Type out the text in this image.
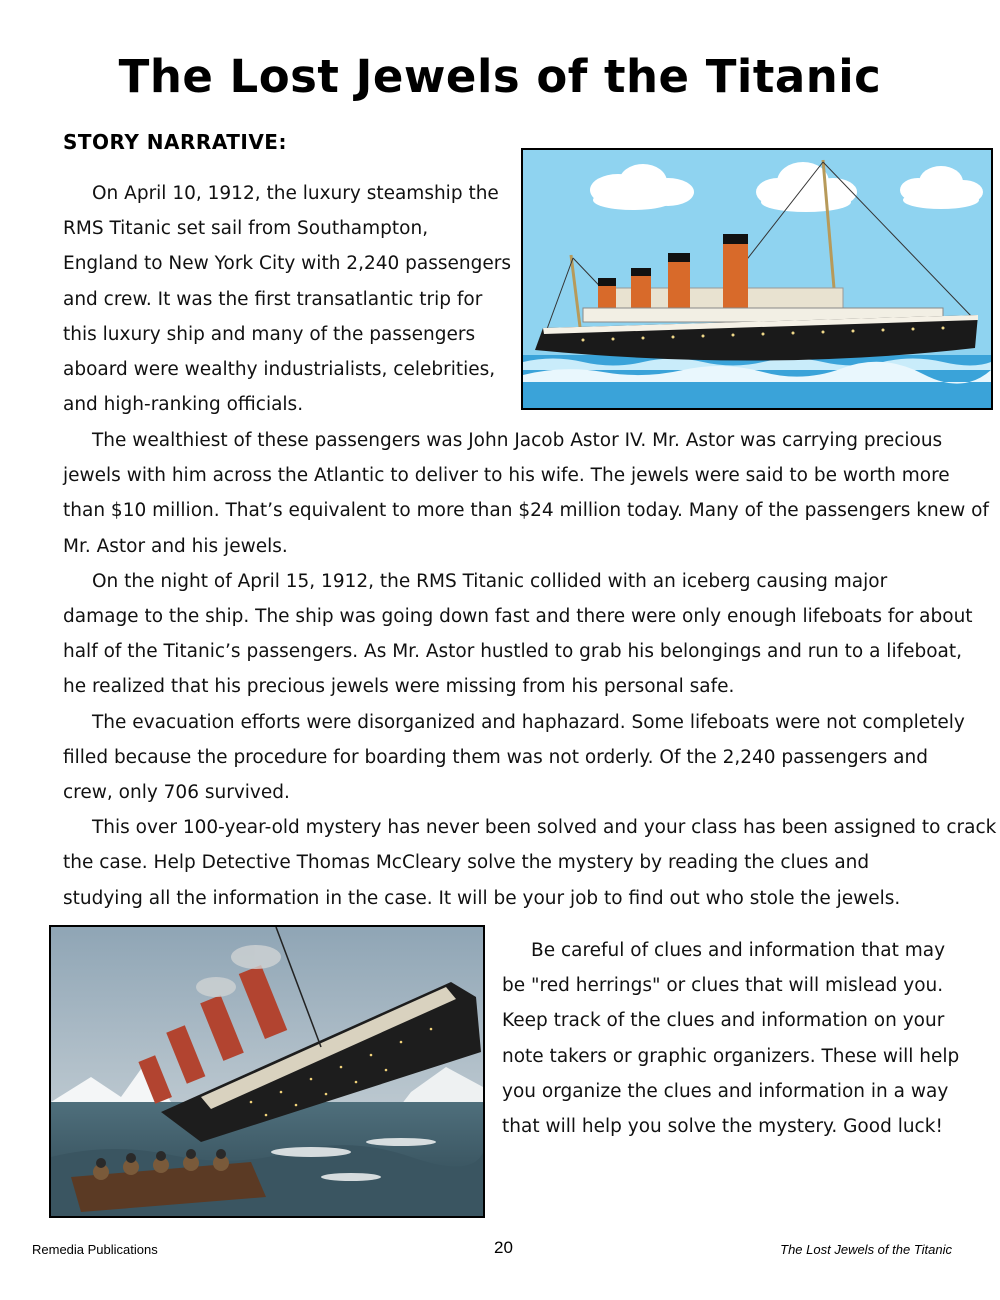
The Lost Jewels of the Titanic
STORY NARRATIVE:
On April 10, 1912, the luxury steamship the
RMS Titanic set sail from Southampton,
England to New York City with 2,240 passengers
and crew. It was the first transatlantic trip for
this luxury ship and many of the passengers
aboard were wealthy industrialists, celebrities,
and high-ranking officials.
The wealthiest of these passengers was John Jacob Astor IV. Mr. Astor was carrying precious
jewels with him across the Atlantic to deliver to his wife. The jewels were said to be worth more
than $10 million. That’s equivalent to more than $24 million today. Many of the passengers knew of
Mr. Astor and his jewels.
On the night of April 15, 1912, the RMS Titanic collided with an iceberg causing major
damage to the ship. The ship was going down fast and there were only enough lifeboats for about
half of the Titanic’s passengers. As Mr. Astor hustled to grab his belongings and run to a lifeboat,
he realized that his precious jewels were missing from his personal safe.
The evacuation efforts were disorganized and haphazard. Some lifeboats were not completely
filled because the procedure for boarding them was not orderly. Of the 2,240 passengers and
crew, only 706 survived.
This over 100-year-old mystery has never been solved and your class has been assigned to crack
the case. Help Detective Thomas McCleary solve the mystery by reading the clues and
studying all the information in the case. It will be your job to find out who stole the jewels.
Be careful of clues and information that may
be "red herrings" or clues that will mislead you.
Keep track of the clues and information on your
note takers or graphic organizers. These will help
you organize the clues and information in a way
that will help you solve the mystery. Good luck!
Remedia Publications	20	The Lost Jewels of the Titanic
